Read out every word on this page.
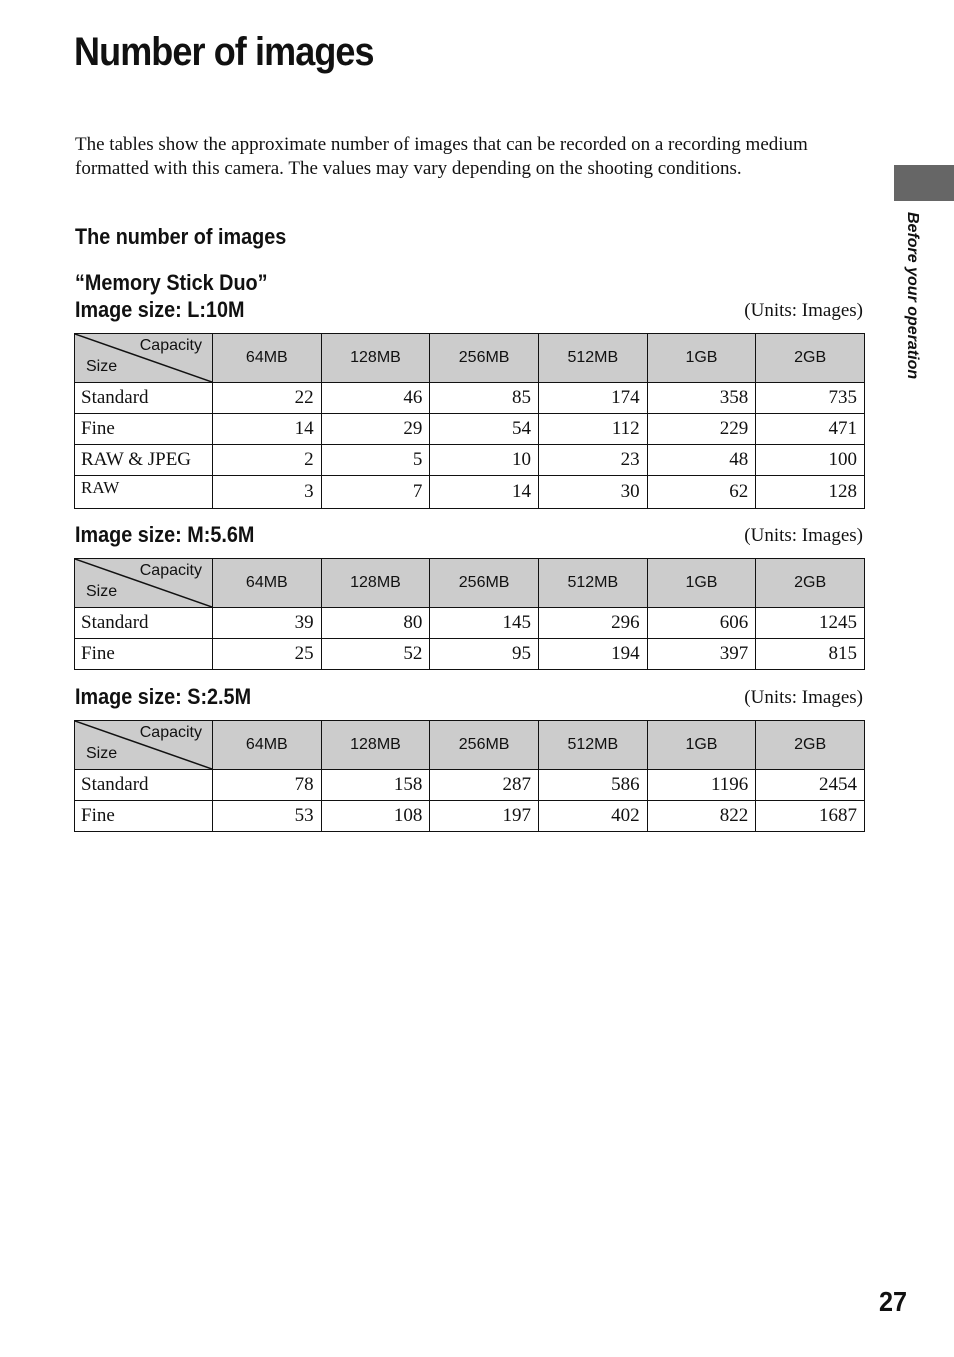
Number of images

The tables show the approximate number of images that can be recorded on a recording medium formatted with this camera. The values may vary depending on the shooting conditions.

The number of images
“Memory Stick Duo”
Image size: L:10M	(Units: Images)
Capacity
Size	64MB	128MB	256MB	512MB	1GB	2GB
Standard	22	46	85	174	358	735
Fine	14	29	54	112	229	471
RAW & JPEG	2	5	10	23	48	100
RAW	3	7	14	30	62	128
Image size: M:5.6M	(Units: Images)
Capacity
Size	64MB	128MB	256MB	512MB	1GB	2GB
Standard	39	80	145	296	606	1245
Fine	25	52	95	194	397	815
Image size: S:2.5M	(Units: Images)
Capacity
Size	64MB	128MB	256MB	512MB	1GB	2GB
Standard	78	158	287	586	1196	2454
Fine	53	108	197	402	822	1687
Before your operation
27
